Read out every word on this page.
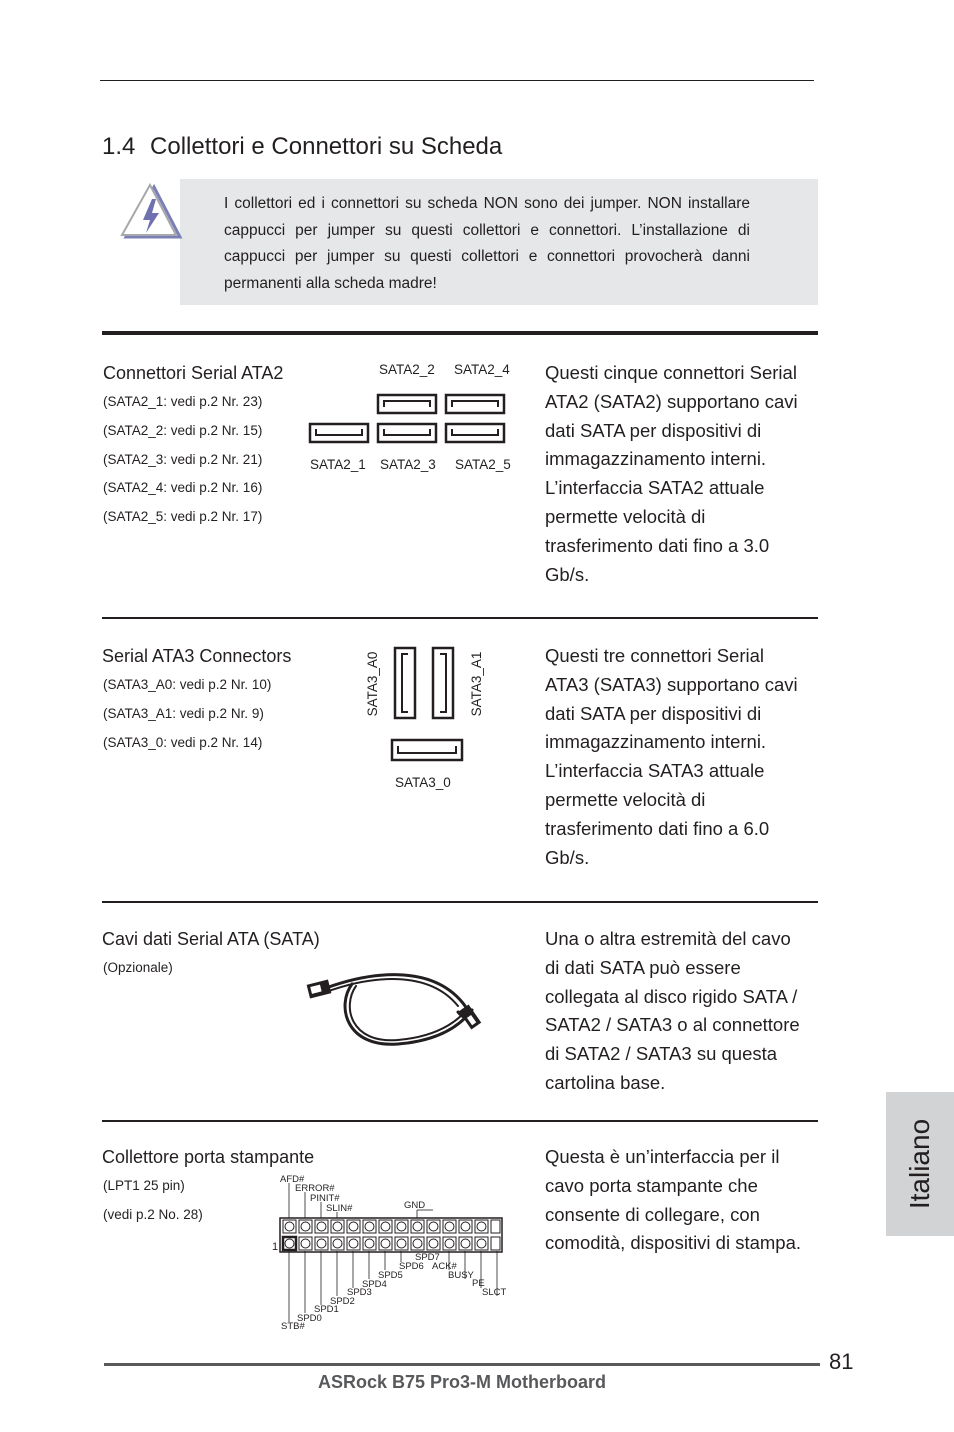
1.4 Collettori e Connettori su Scheda
I collettori ed i connettori su scheda NON sono dei jumper. NON installare cappucci per jumper su questi collettori e connettori. L’installazione di cappucci per jumper su questi collettori e connettori provocherà danni permanenti alla scheda madre!
Connettori Serial ATA2
(SATA2_1: vedi p.2 Nr. 23)
(SATA2_2: vedi p.2 Nr. 15)
(SATA2_3: vedi p.2 Nr. 21)
(SATA2_4: vedi p.2 Nr. 16)
(SATA2_5: vedi p.2 Nr. 17)
SATA2_2 SATA2_4
SATA2_1 SATA2_3 SATA2_5
Questi cinque connettori Serial
ATA2 (SATA2) supportano cavi
dati SATA per dispositivi di
immagazzinamento interni.
L’interfaccia SATA2 attuale
permette velocità di
trasferimento dati fino a 3.0
Gb/s.
Serial ATA3 Connectors
(SATA3_A0: vedi p.2 Nr. 10)
(SATA3_A1: vedi p.2 Nr. 9)
(SATA3_0: vedi p.2 Nr. 14)
SATA3_A0	SATA3_A1
SATA3_0
Questi tre connettori Serial
ATA3 (SATA3) supportano cavi
dati SATA per dispositivi di
immagazzinamento interni.
L’interfaccia SATA3 attuale
permette velocità di
trasferimento dati fino a 6.0
Gb/s.
Cavi dati Serial ATA (SATA)
(Opzionale)
Una o altra estremità del cavo
di dati SATA può essere
collegata al disco rigido SATA /
SATA2 / SATA3 o al connettore
di SATA2 / SATA3 su questa
cartolina base.
Collettore porta stampante
(LPT1 25 pin)
(vedi p.2 No. 28)
AFD#
ERROR#
PINIT#
SLIN#	GND
SPD7
SPD6 ACK#
SPD5	BUSY
SPD4	PE
SPD3	SLCT
SPD2
SPD1
SPD0
STB#
1
Questa è un’interfaccia per il
cavo porta stampante che
consente di collegare, con
comodità, dispositivi di stampa.
Italiano
81
ASRock B75 Pro3-M Motherboard
